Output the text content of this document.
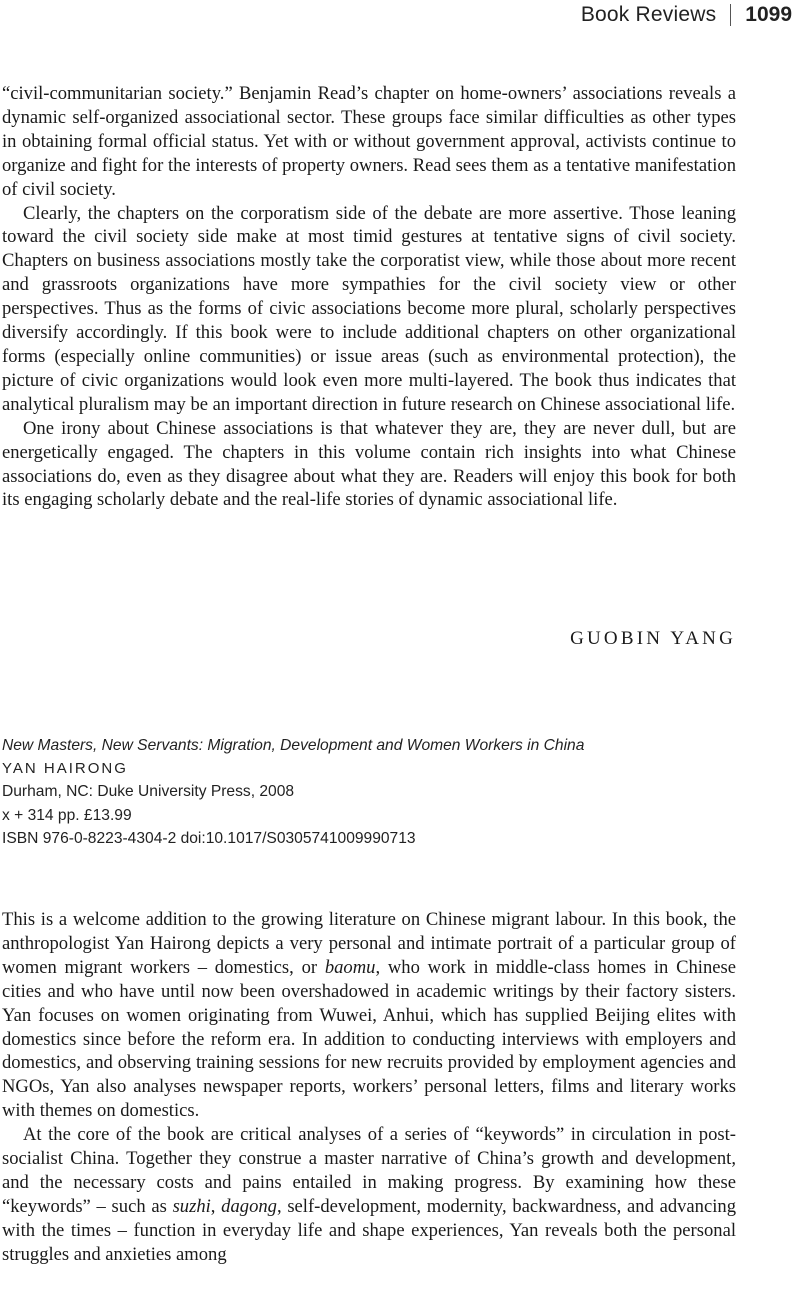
Book Reviews 1099

“civil-communitarian society.” Benjamin Read’s chapter on home-owners’ associations reveals a dynamic self-organized associational sector. These groups face similar difficulties as other types in obtaining formal official status. Yet with or without government approval, activists continue to organize and fight for the interests of property owners. Read sees them as a tentative manifestation of civil society.

Clearly, the chapters on the corporatism side of the debate are more assertive. Those leaning toward the civil society side make at most timid gestures at tentative signs of civil society. Chapters on business associations mostly take the corporatist view, while those about more recent and grassroots organizations have more sympathies for the civil society view or other perspectives. Thus as the forms of civic associations become more plural, scholarly perspectives diversify accordingly. If this book were to include additional chapters on other organizational forms (especially online communities) or issue areas (such as environmental protection), the picture of civic organizations would look even more multi-layered. The book thus indicates that analytical pluralism may be an important direction in future research on Chinese associational life.

One irony about Chinese associations is that whatever they are, they are never dull, but are energetically engaged. The chapters in this volume contain rich insights into what Chinese associations do, even as they disagree about what they are. Readers will enjoy this book for both its engaging scholarly debate and the real-life stories of dynamic associational life.

GUOBIN YANG
New Masters, New Servants: Migration, Development and Women Workers in China
YAN HAIRONG
Durham, NC: Duke University Press, 2008
x + 314 pp. £13.99
ISBN 976-0-8223-4304-2 doi:10.1017/S0305741009990713

This is a welcome addition to the growing literature on Chinese migrant labour. In this book, the anthropologist Yan Hairong depicts a very personal and intimate portrait of a particular group of women migrant workers – domestics, or baomu, who work in middle-class homes in Chinese cities and who have until now been overshadowed in academic writings by their factory sisters. Yan focuses on women originating from Wuwei, Anhui, which has supplied Beijing elites with domestics since before the reform era. In addition to conducting interviews with employers and domestics, and observing training sessions for new recruits provided by employment agencies and NGOs, Yan also analyses newspaper reports, workers’ personal letters, films and literary works with themes on domestics.

At the core of the book are critical analyses of a series of “keywords” in circulation in post-socialist China. Together they construe a master narrative of China’s growth and development, and the necessary costs and pains entailed in making progress. By examining how these “keywords” – such as suzhi, dagong, self-development, modernity, backwardness, and advancing with the times – function in everyday life and shape experiences, Yan reveals both the personal struggles and anxieties among
